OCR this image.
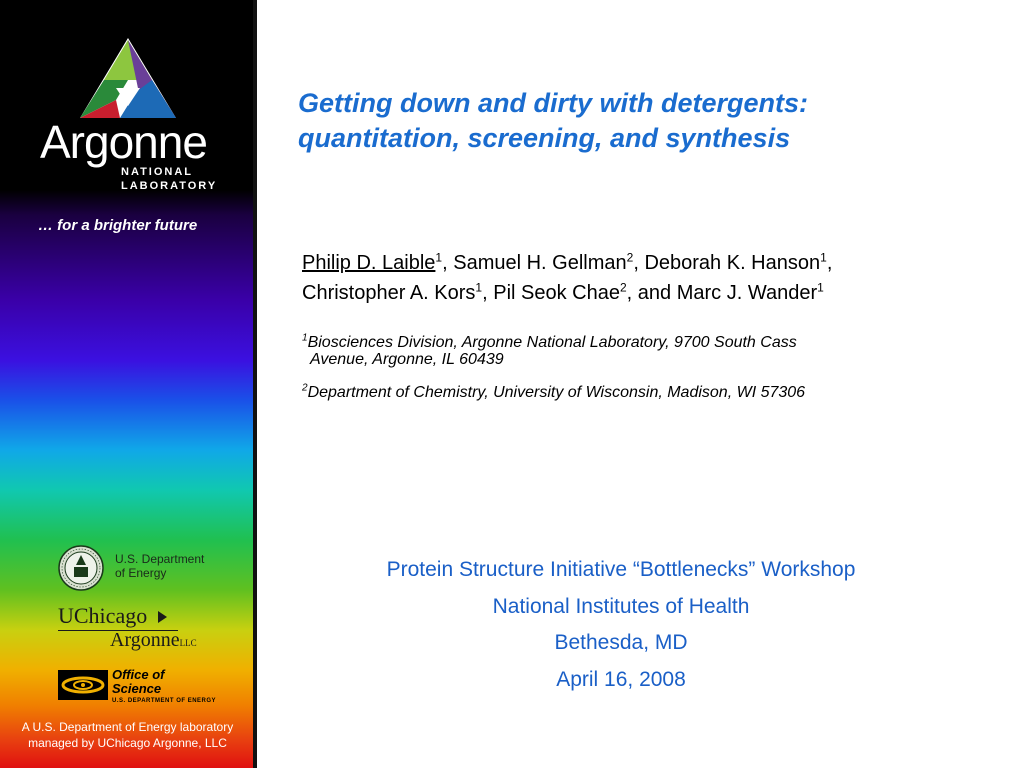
Argonne
NATIONAL
LABORATORY
… for a brighter future
U.S. Department
of Energy
UChicago
ArgonneLLC
Office of
Science
U.S. DEPARTMENT OF ENERGY
A U.S. Department of Energy laboratory
managed by UChicago Argonne, LLC
Getting down and dirty with detergents:
quantitation, screening, and synthesis
Philip D. Laible$^1$, Samuel H. Gellman$^2$, Deborah K. Hanson$^1$,
Christopher A. Kors$^1$, Pil Seok Chae$^2$, and Marc J. Wander$^1$
$^1$Biosciences Division, Argonne National Laboratory, 9700 South Cass
Avenue, Argonne, IL 60439
$^2$Department of Chemistry, University of Wisconsin, Madison, WI 57306
Protein Structure Initiative “Bottlenecks” Workshop
National Institutes of Health
Bethesda, MD
April 16, 2008
